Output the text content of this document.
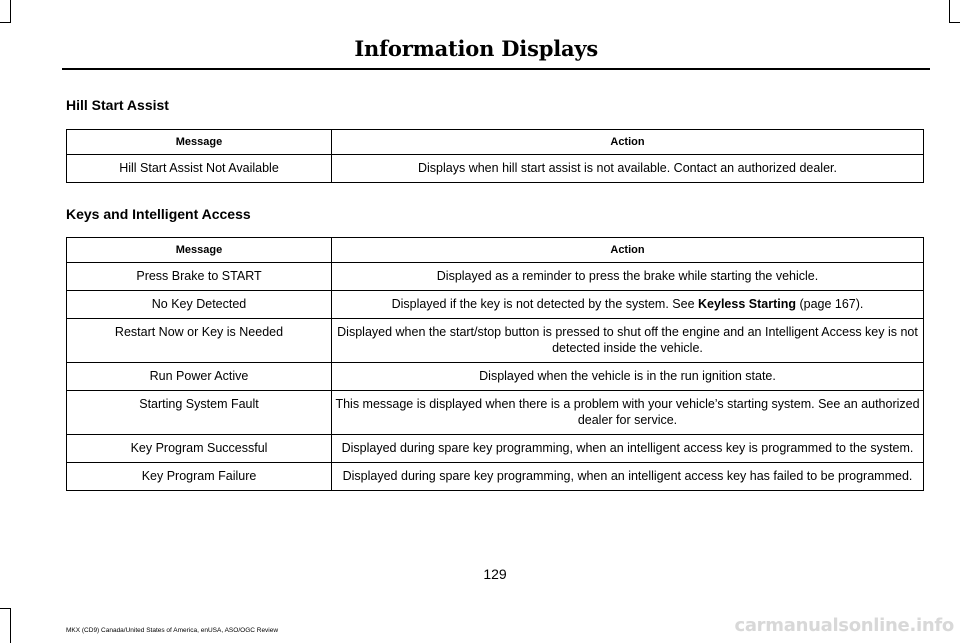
Information Displays
Hill Start Assist
Message	Action
Hill Start Assist Not Available	Displays when hill start assist is not available. Contact an authorized dealer.
Keys and Intelligent Access
Message	Action
Press Brake to START	Displayed as a reminder to press the brake while starting the vehicle.
No Key Detected	Displayed if the key is not detected by the system. See Keyless Starting (page 167).
Restart Now or Key is Needed	Displayed when the start/stop button is pressed to shut off the engine and an Intelligent Access key is not detected inside the vehicle.
Run Power Active	Displayed when the vehicle is in the run ignition state.
Starting System Fault	This message is displayed when there is a problem with your vehicle’s starting system. See an authorized dealer for service.
Key Program Successful	Displayed during spare key programming, when an intelligent access key is programmed to the system.
Key Program Failure	Displayed during spare key programming, when an intelligent access key has failed to be programmed.
129
MKX (CD9) Canada/United States of America, enUSA, ASO/OGC Review	carmanualsonline.info
